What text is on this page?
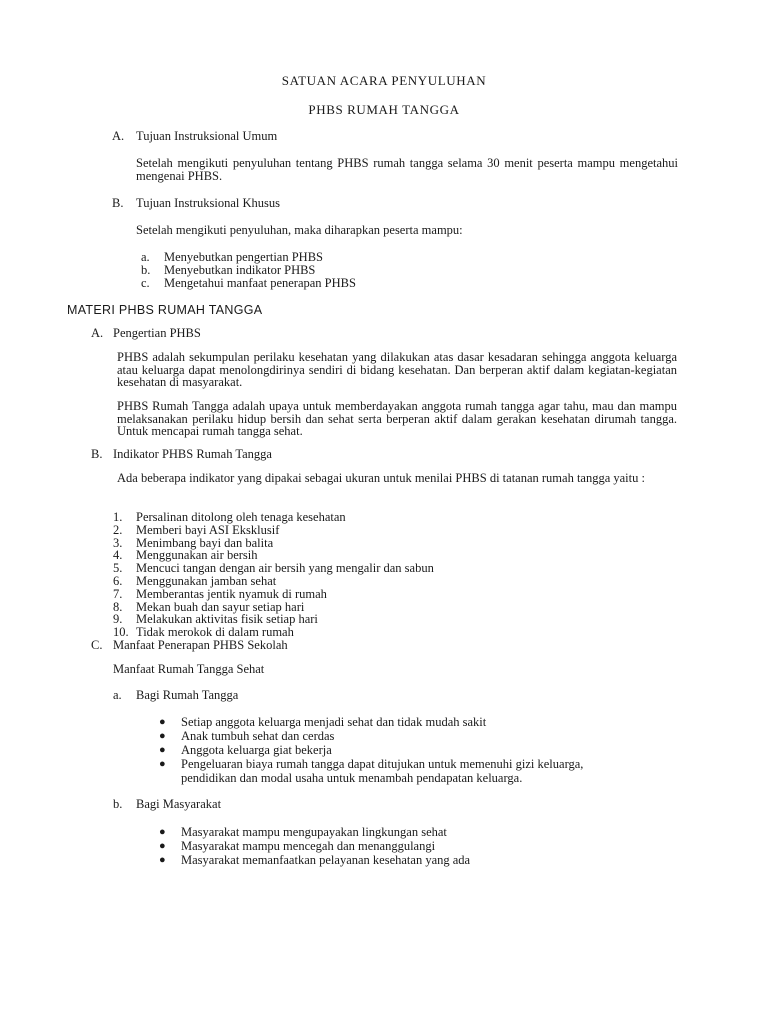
SATUAN ACARA PENYULUHAN
PHBS RUMAH TANGGA
A. Tujuan Instruksional Umum
Setelah mengikuti penyuluhan tentang PHBS rumah tangga selama 30 menit peserta mampu mengetahui mengenai PHBS.
B. Tujuan Instruksional Khusus
Setelah mengikuti penyuluhan, maka diharapkan peserta mampu:
a. Menyebutkan pengertian PHBS
b. Menyebutkan indikator PHBS
c. Mengetahui manfaat penerapan PHBS
MATERI PHBS RUMAH TANGGA
A. Pengertian PHBS
PHBS adalah sekumpulan perilaku kesehatan yang dilakukan atas dasar kesadaran sehingga anggota keluarga atau keluarga dapat menolongdirinya sendiri di bidang kesehatan. Dan berperan aktif dalam kegiatan-kegiatan kesehatan di masyarakat.
PHBS Rumah Tangga adalah upaya untuk memberdayakan anggota rumah tangga agar tahu, mau dan mampu melaksanakan perilaku hidup bersih dan sehat serta berperan aktif dalam gerakan kesehatan dirumah tangga. Untuk mencapai rumah tangga sehat.
B. Indikator PHBS Rumah Tangga
Ada beberapa indikator yang dipakai sebagai ukuran untuk menilai PHBS di tatanan rumah tangga yaitu :
1. Persalinan ditolong oleh tenaga kesehatan
2. Memberi bayi ASI Eksklusif
3. Menimbang bayi dan balita
4. Menggunakan air bersih
5. Mencuci tangan dengan air bersih yang mengalir dan sabun
6. Menggunakan jamban sehat
7. Memberantas jentik nyamuk di rumah
8. Mekan buah dan sayur setiap hari
9. Melakukan aktivitas fisik setiap hari
10. Tidak merokok di dalam rumah
C. Manfaat Penerapan PHBS Sekolah
Manfaat Rumah Tangga Sehat
a. Bagi Rumah Tangga
● Setiap anggota keluarga menjadi sehat dan tidak mudah sakit
● Anak tumbuh sehat dan cerdas
● Anggota keluarga giat bekerja
● Pengeluaran biaya rumah tangga dapat ditujukan untuk memenuhi gizi keluarga, pendidikan dan modal usaha untuk menambah pendapatan keluarga.
b. Bagi Masyarakat
● Masyarakat mampu mengupayakan lingkungan sehat
● Masyarakat mampu mencegah dan menanggulangi
● Masyarakat memanfaatkan pelayanan kesehatan yang ada
